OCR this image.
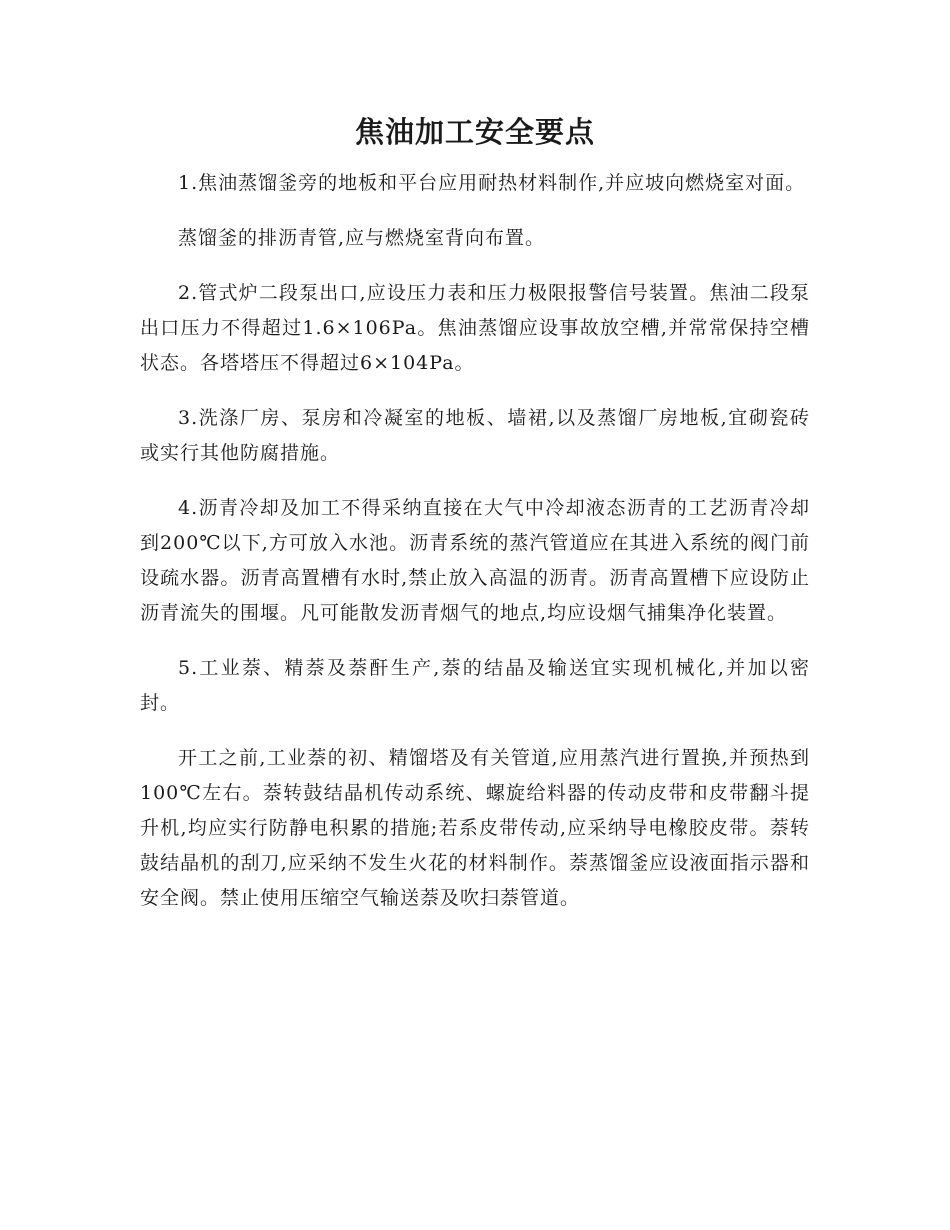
焦油加工安全要点

1.焦油蒸馏釜旁的地板和平台应用耐热材料制作,并应坡向燃烧室对面。

蒸馏釜的排沥青管,应与燃烧室背向布置。

2.管式炉二段泵出口,应设压力表和压力极限报警信号装置。焦油二段泵出口压力不得超过1.6×106Pa。焦油蒸馏应设事故放空槽,并常常保持空槽状态。各塔塔压不得超过6×104Pa。

3.洗涤厂房、泵房和冷凝室的地板、墙裙,以及蒸馏厂房地板,宜砌瓷砖或实行其他防腐措施。

4.沥青冷却及加工不得采纳直接在大气中冷却液态沥青的工艺沥青冷却到200℃以下,方可放入水池。沥青系统的蒸汽管道应在其进入系统的阀门前设疏水器。沥青高置槽有水时,禁止放入高温的沥青。沥青高置槽下应设防止沥青流失的围堰。凡可能散发沥青烟气的地点,均应设烟气捕集净化装置。

5.工业萘、精萘及萘酐生产,萘的结晶及输送宜实现机械化,并加以密封。

开工之前,工业萘的初、精馏塔及有关管道,应用蒸汽进行置换,并预热到100℃左右。萘转鼓结晶机传动系统、螺旋给料器的传动皮带和皮带翻斗提升机,均应实行防静电积累的措施;若系皮带传动,应采纳导电橡胶皮带。萘转鼓结晶机的刮刀,应采纳不发生火花的材料制作。萘蒸馏釜应设液面指示器和安全阀。禁止使用压缩空气输送萘及吹扫萘管道。
